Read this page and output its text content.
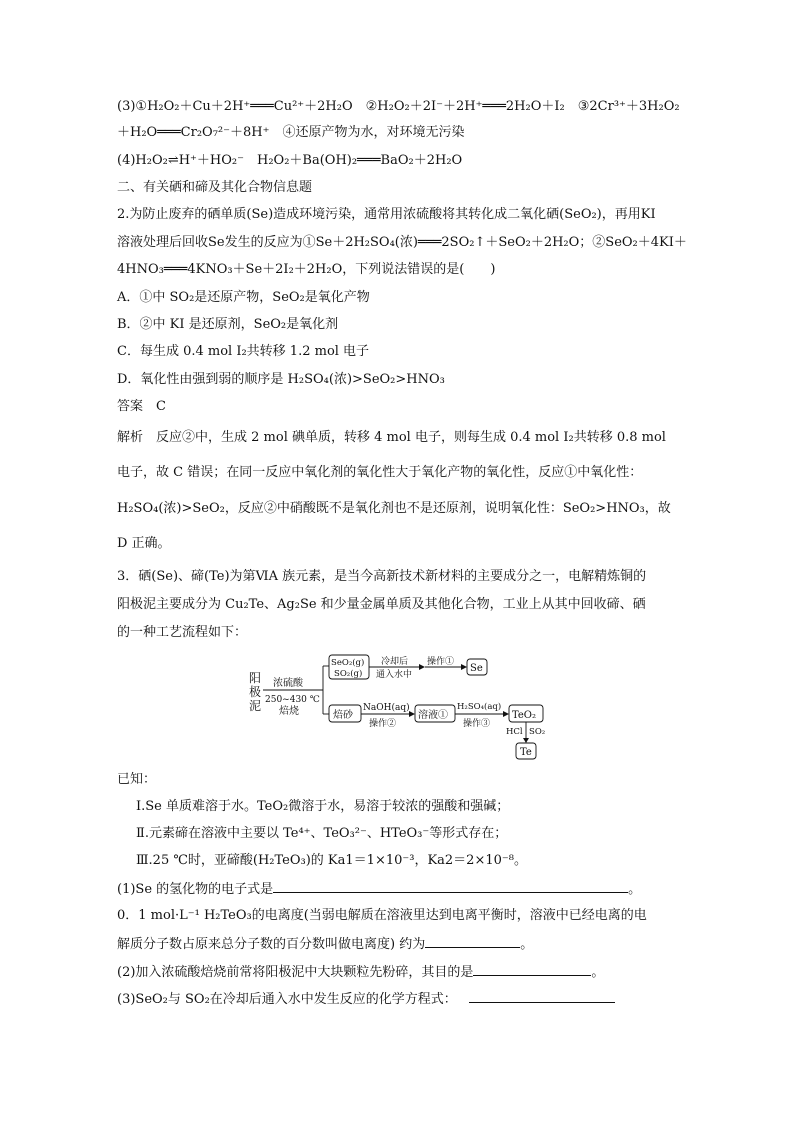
(3)①H₂O₂＋Cu＋2H⁺═══Cu²⁺＋2H₂O　②H₂O₂＋2I⁻＋2H⁺═══2H₂O＋I₂　③2Cr³⁺＋3H₂O₂
＋H₂O═══Cr₂O₇²⁻＋8H⁺　④还原产物为水，对环境无污染
(4)H₂O₂⇌H⁺＋HO₂⁻　H₂O₂＋Ba(OH)₂═══BaO₂＋2H₂O
二、有关硒和碲及其化合物信息题
2.为防止废弃的硒单质(Se)造成环境污染，通常用浓硫酸将其转化成二氧化硒(SeO₂)，再用KI
溶液处理后回收Se发生的反应为①Se＋2H₂SO₄(浓)═══2SO₂↑＋SeO₂＋2H₂O；②SeO₂＋4KI＋
4HNO₃═══4KNO₃＋Se＋2I₂＋2H₂O，下列说法错误的是(　　)
A．①中 SO₂是还原产物，SeO₂是氧化产物
B．②中 KI 是还原剂，SeO₂是氧化剂
C．每生成 0.4 mol I₂共转移 1.2 mol 电子
D．氧化性由强到弱的顺序是 H₂SO₄(浓)>SeO₂>HNO₃
答案　C
解析　反应②中，生成 2 mol 碘单质，转移 4 mol 电子，则每生成 0.4 mol I₂共转移 0.8 mol
电子，故 C 错误；在同一反应中氧化剂的氧化性大于氧化产物的氧化性，反应①中氧化性：
H₂SO₄(浓)>SeO₂，反应②中硝酸既不是氧化剂也不是还原剂，说明氧化性：SeO₂>HNO₃，故
D 正确。
3．硒(Se)、碲(Te)为第ⅥA 族元素，是当今高新技术新材料的主要成分之一，电解精炼铜的
阳极泥主要成分为 Cu₂Te、Ag₂Se 和少量金属单质及其他化合物，工业上从其中回收碲、硒
的一种工艺流程如下：
阳
极
泥
浓硫酸
250~430 ℃
焙烧
SeO₂(g)
SO₂(g)
冷却后
通入水中
操作①
Se
焙砂
NaOH(aq)
操作②
溶液①
H₂SO₄(aq)
操作③
TeO₂
HCl SO₂
Te
已知：
Ⅰ.Se 单质难溶于水。TeO₂微溶于水，易溶于较浓的强酸和强碱；
Ⅱ.元素碲在溶液中主要以 Te⁴⁺、TeO₃²⁻、HTeO₃⁻等形式存在；
Ⅲ.25 ℃时，亚碲酸(H₂TeO₃)的 Ka1＝1×10⁻³，Ka2＝2×10⁻⁸。
(1)Se 的氢化物的电子式是	。
0．1 mol·L⁻¹ H₂TeO₃的电离度(当弱电解质在溶液里达到电离平衡时，溶液中已经电离的电
解质分子数占原来总分子数的百分数叫做电离度) 约为	。
(2)加入浓硫酸焙烧前常将阳极泥中大块颗粒先粉碎，其目的是	。
(3)SeO₂与 SO₂在冷却后通入水中发生反应的化学方程式：
